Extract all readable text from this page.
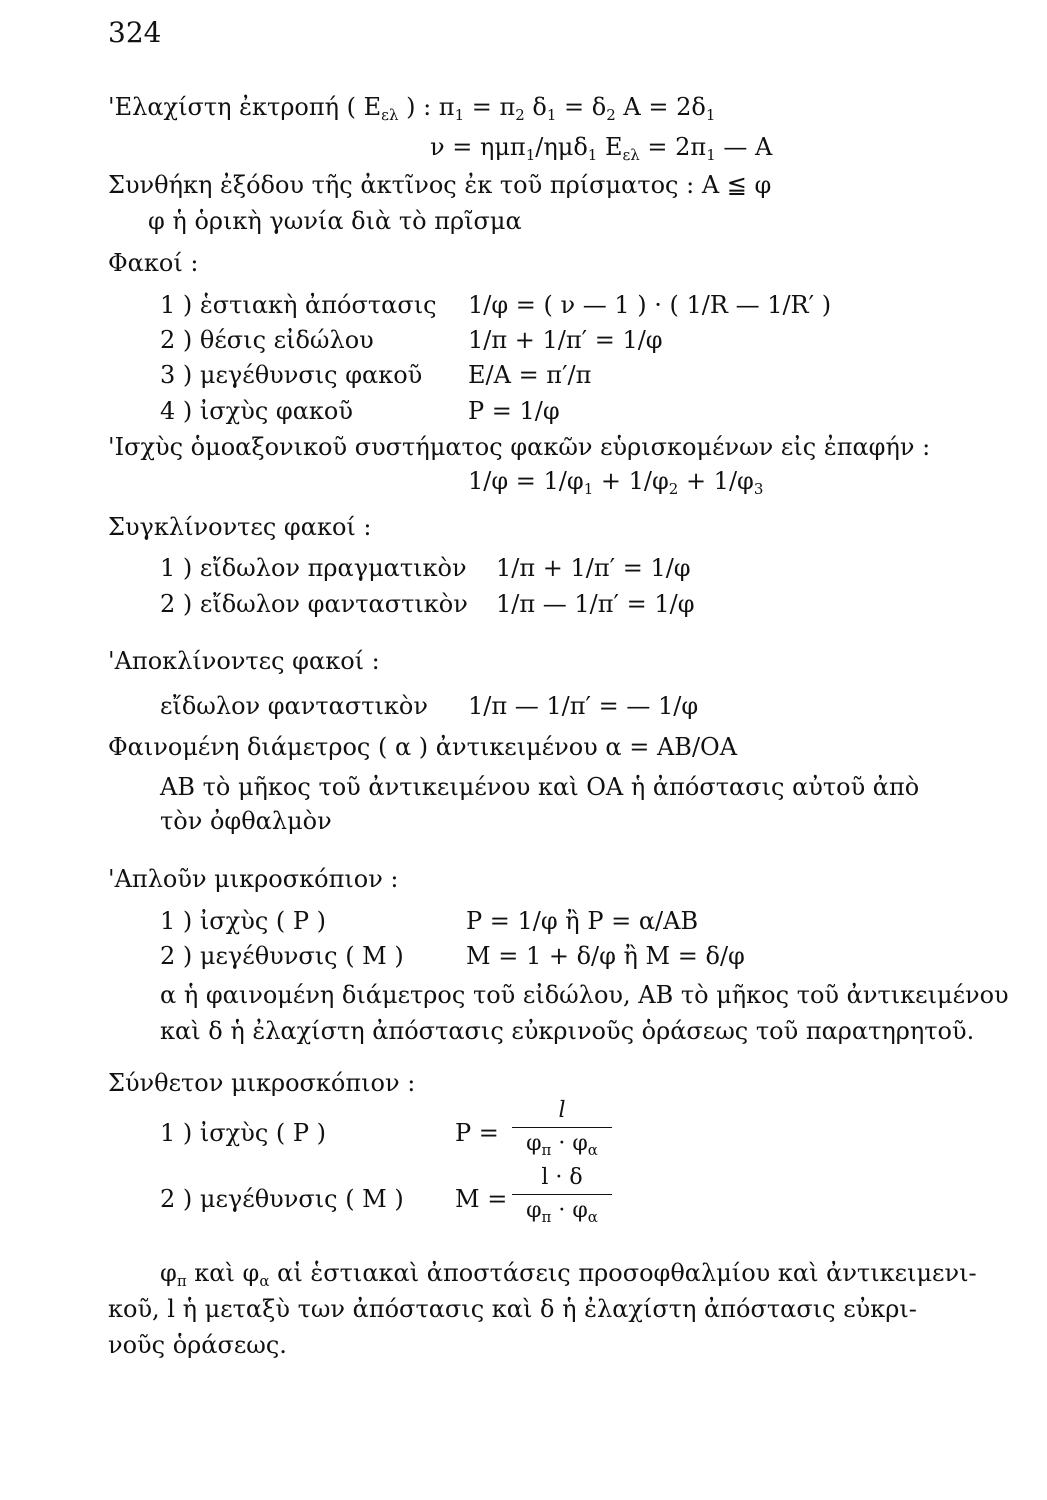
324
'Ελαχίστη ἐκτροπή ( $E_{\varepsilon\lambda}$ ) : $\pi_1 = \pi_2$ $\delta_1 = \delta_2$ $A = 2\delta_1$
ν = ημπ$_1$/ημδ$_1$ $E_{\varepsilon\lambda} = 2\pi_1$ — A
Συνθήκη ἐξόδου τῆς ἀκτῖνος ἐκ τοῦ πρίσματος : A ≦ φ
φ ἡ ὁρικὴ γωνία διὰ τὸ πρῖσμα
Φακοί :
1 ) ἑστιακὴ ἀπόστασις 1/φ = ( ν — 1 ) · ( 1/R — 1/R′ )
2 ) θέσις εἰδώλου	1/π + 1/π′ = 1/φ
3 ) μεγέθυνσις φακοῦ E/A = π′/π
4 ) ἰσχὺς φακοῦ	P = 1/φ
'Ισχὺς ὁμοαξονικοῦ συστήματος φακῶν εὑρισκομένων εἰς ἐπαφήν :
$1/\varphi = 1/\varphi_1 + 1/\varphi_2 + 1/\varphi_3$
Συγκλίνοντες φακοί :
1 ) εἴδωλον πραγματικὸν 1/π + 1/π′ = 1/φ
2 ) εἴδωλον φανταστικὸν 1/π — 1/π′ = 1/φ
'Αποκλίνοντες φακοί :
εἴδωλον φανταστικὸν 1/π — 1/π′ = — 1/φ
Φαινομένη διάμετρος ( α ) ἀντικειμένου α = AB/OA
AB τὸ μῆκος τοῦ ἀντικειμένου καὶ OA ἡ ἀπόστασις αὐτοῦ ἀπὸ
τὸν ὀφθαλμὸν
'Απλοῦν μικροσκόπιον :
1 ) ἰσχὺς ( P )	P = 1/φ ἢ P = α/AB
2 ) μεγέθυνσις ( M )	M = 1 + δ/φ ἢ M = δ/φ
α ἡ φαινομένη διάμετρος τοῦ εἰδώλου, AB τὸ μῆκος τοῦ ἀντικειμένου
καὶ δ ἡ ἐλαχίστη ἀπόστασις εὐκρινοῦς ὁράσεως τοῦ παρατηρητοῦ.
Σύνθετον μικροσκόπιον :
1 ) ἰσχὺς ( P )	P =
l
$\varphi_\pi \cdot \varphi_\alpha$
2 ) μεγέθυνσις ( M ) M =
l · δ
$\varphi_\pi \cdot \varphi_\alpha$
$\varphi_\pi$ καὶ $\varphi_\alpha$ αἱ ἑστιακαὶ ἀποστάσεις προσοφθαλμίου καὶ ἀντικειμενι-
κοῦ, l ἡ μεταξὺ των ἀπόστασις καὶ δ ἡ ἐλαχίστη ἀπόστασις εὐκρι-
νοῦς ὁράσεως.
